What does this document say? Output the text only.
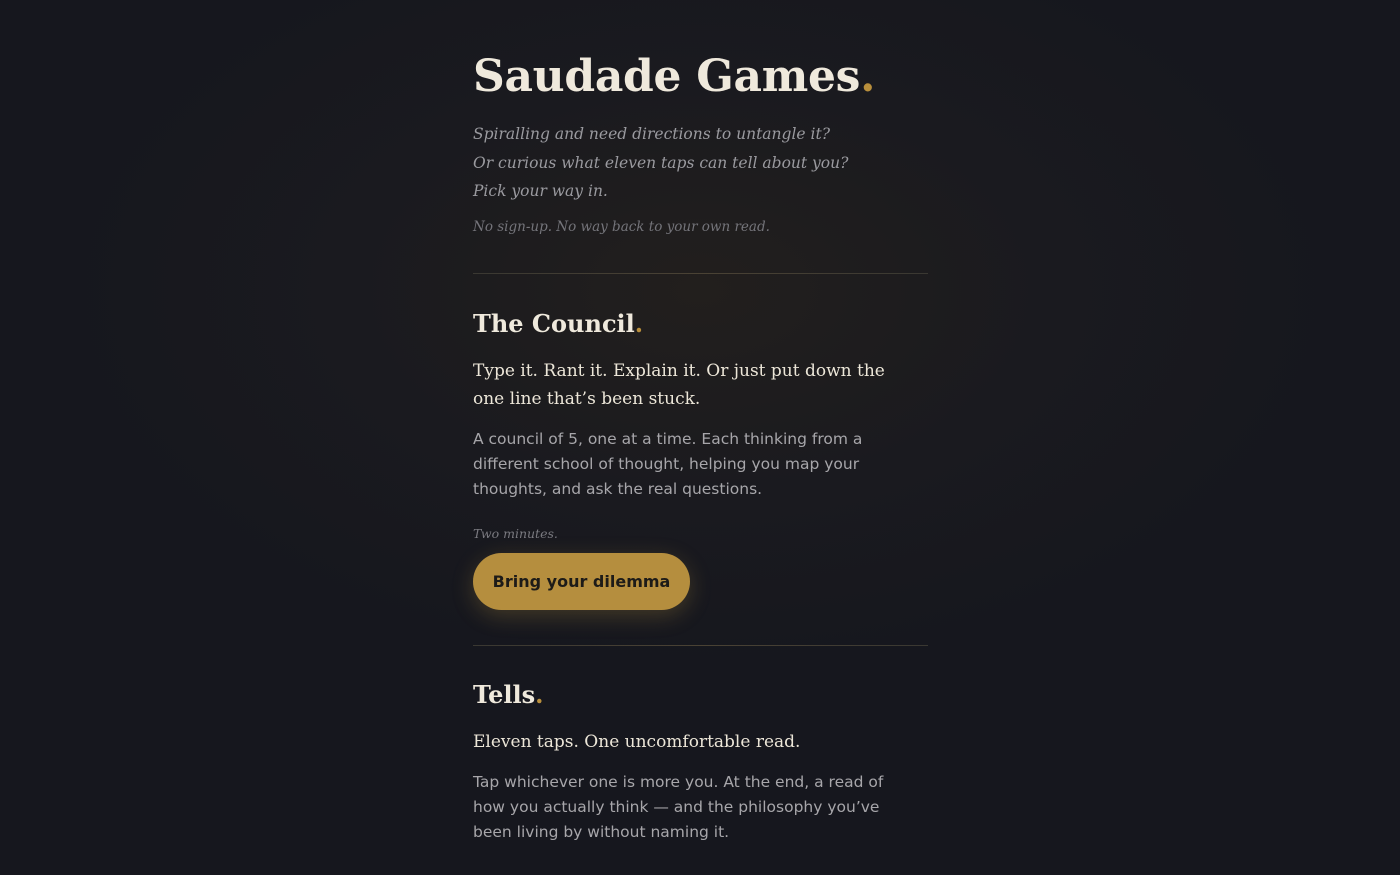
Saudade Games.
Spiralling and need directions to untangle it?
Or curious what eleven taps can tell about you?
Pick your way in.
No sign-up. No way back to your own read.
The Council.
Type it. Rant it. Explain it. Or just put down the one line that’s been stuck.
A council of 5, one at a time. Each thinking from a different school of thought, helping you map your thoughts, and ask the real questions.
Two minutes.
Bring your dilemma
Tells.
Eleven taps. One uncomfortable read.
Tap whichever one is more you. At the end, a read of how you actually think — and the philosophy you’ve been living by without naming it.
